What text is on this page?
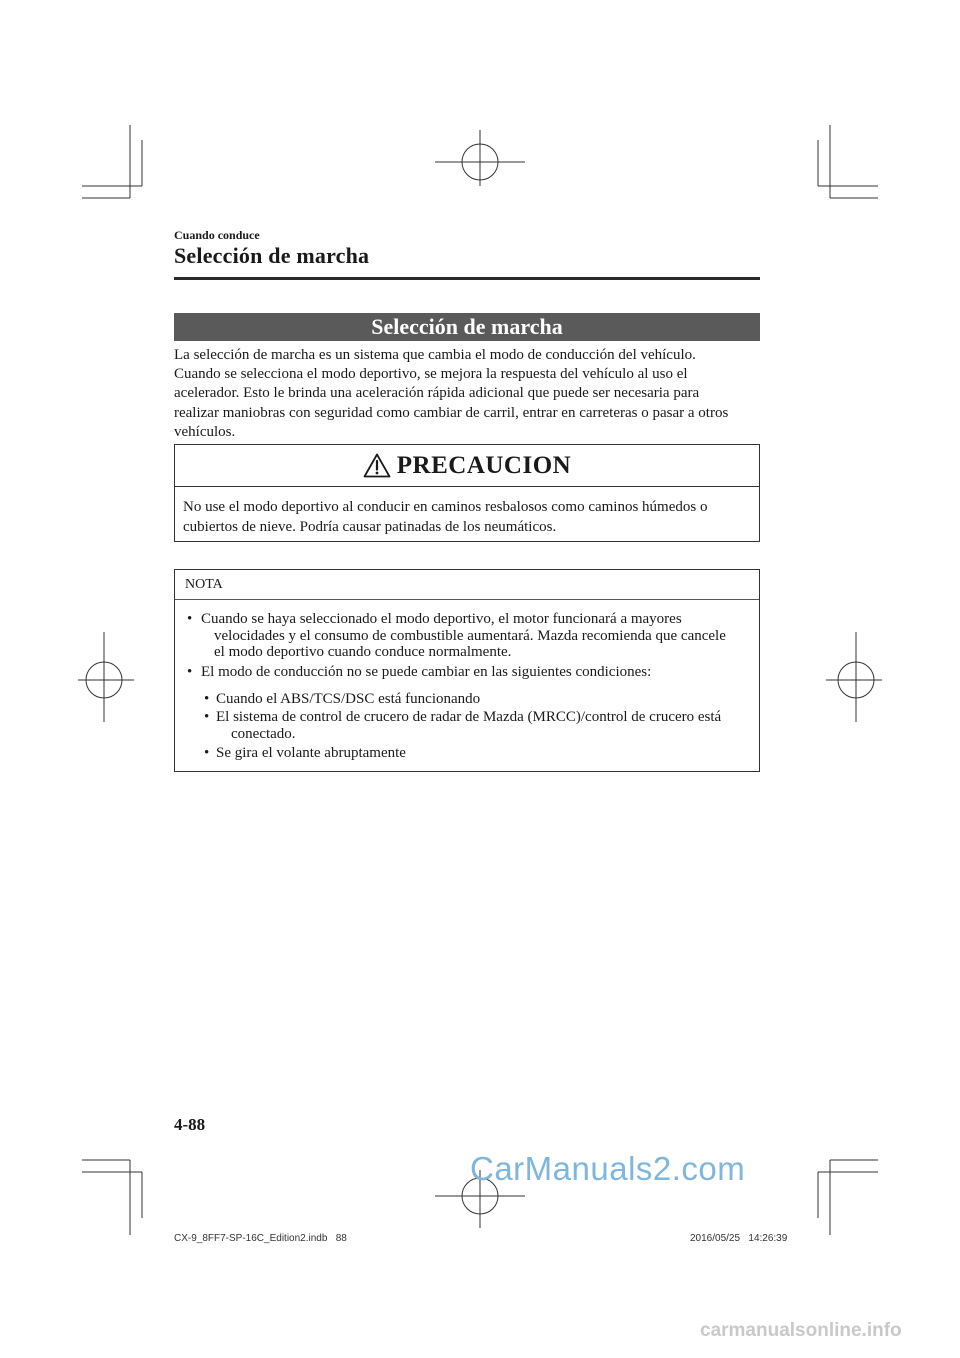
Cuando conduce
Selección de marcha
Selección de marcha
La selección de marcha es un sistema que cambia el modo de conducción del vehículo.
Cuando se selecciona el modo deportivo, se mejora la respuesta del vehículo al uso el
acelerador. Esto le brinda una aceleración rápida adicional que puede ser necesaria para
realizar maniobras con seguridad como cambiar de carril, entrar en carreteras o pasar a otros
vehículos.
PRECAUCION
No use el modo deportivo al conducir en caminos resbalosos como caminos húmedos o
cubiertos de nieve. Podría causar patinadas de los neumáticos.
NOTA
• Cuando se haya seleccionado el modo deportivo, el motor funcionará a mayores
velocidades y el consumo de combustible aumentará. Mazda recomienda que cancele
el modo deportivo cuando conduce normalmente.
• El modo de conducción no se puede cambiar en las siguientes condiciones:
• Cuando el ABS/TCS/DSC está funcionando
• El sistema de control de crucero de radar de Mazda (MRCC)/control de crucero está
conectado.
• Se gira el volante abruptamente
4-88
CarManuals2.com
CX-9_8FF7-SP-16C_Edition2.indb   88	2016/05/25   14:26:39
carmanualsonline.info
